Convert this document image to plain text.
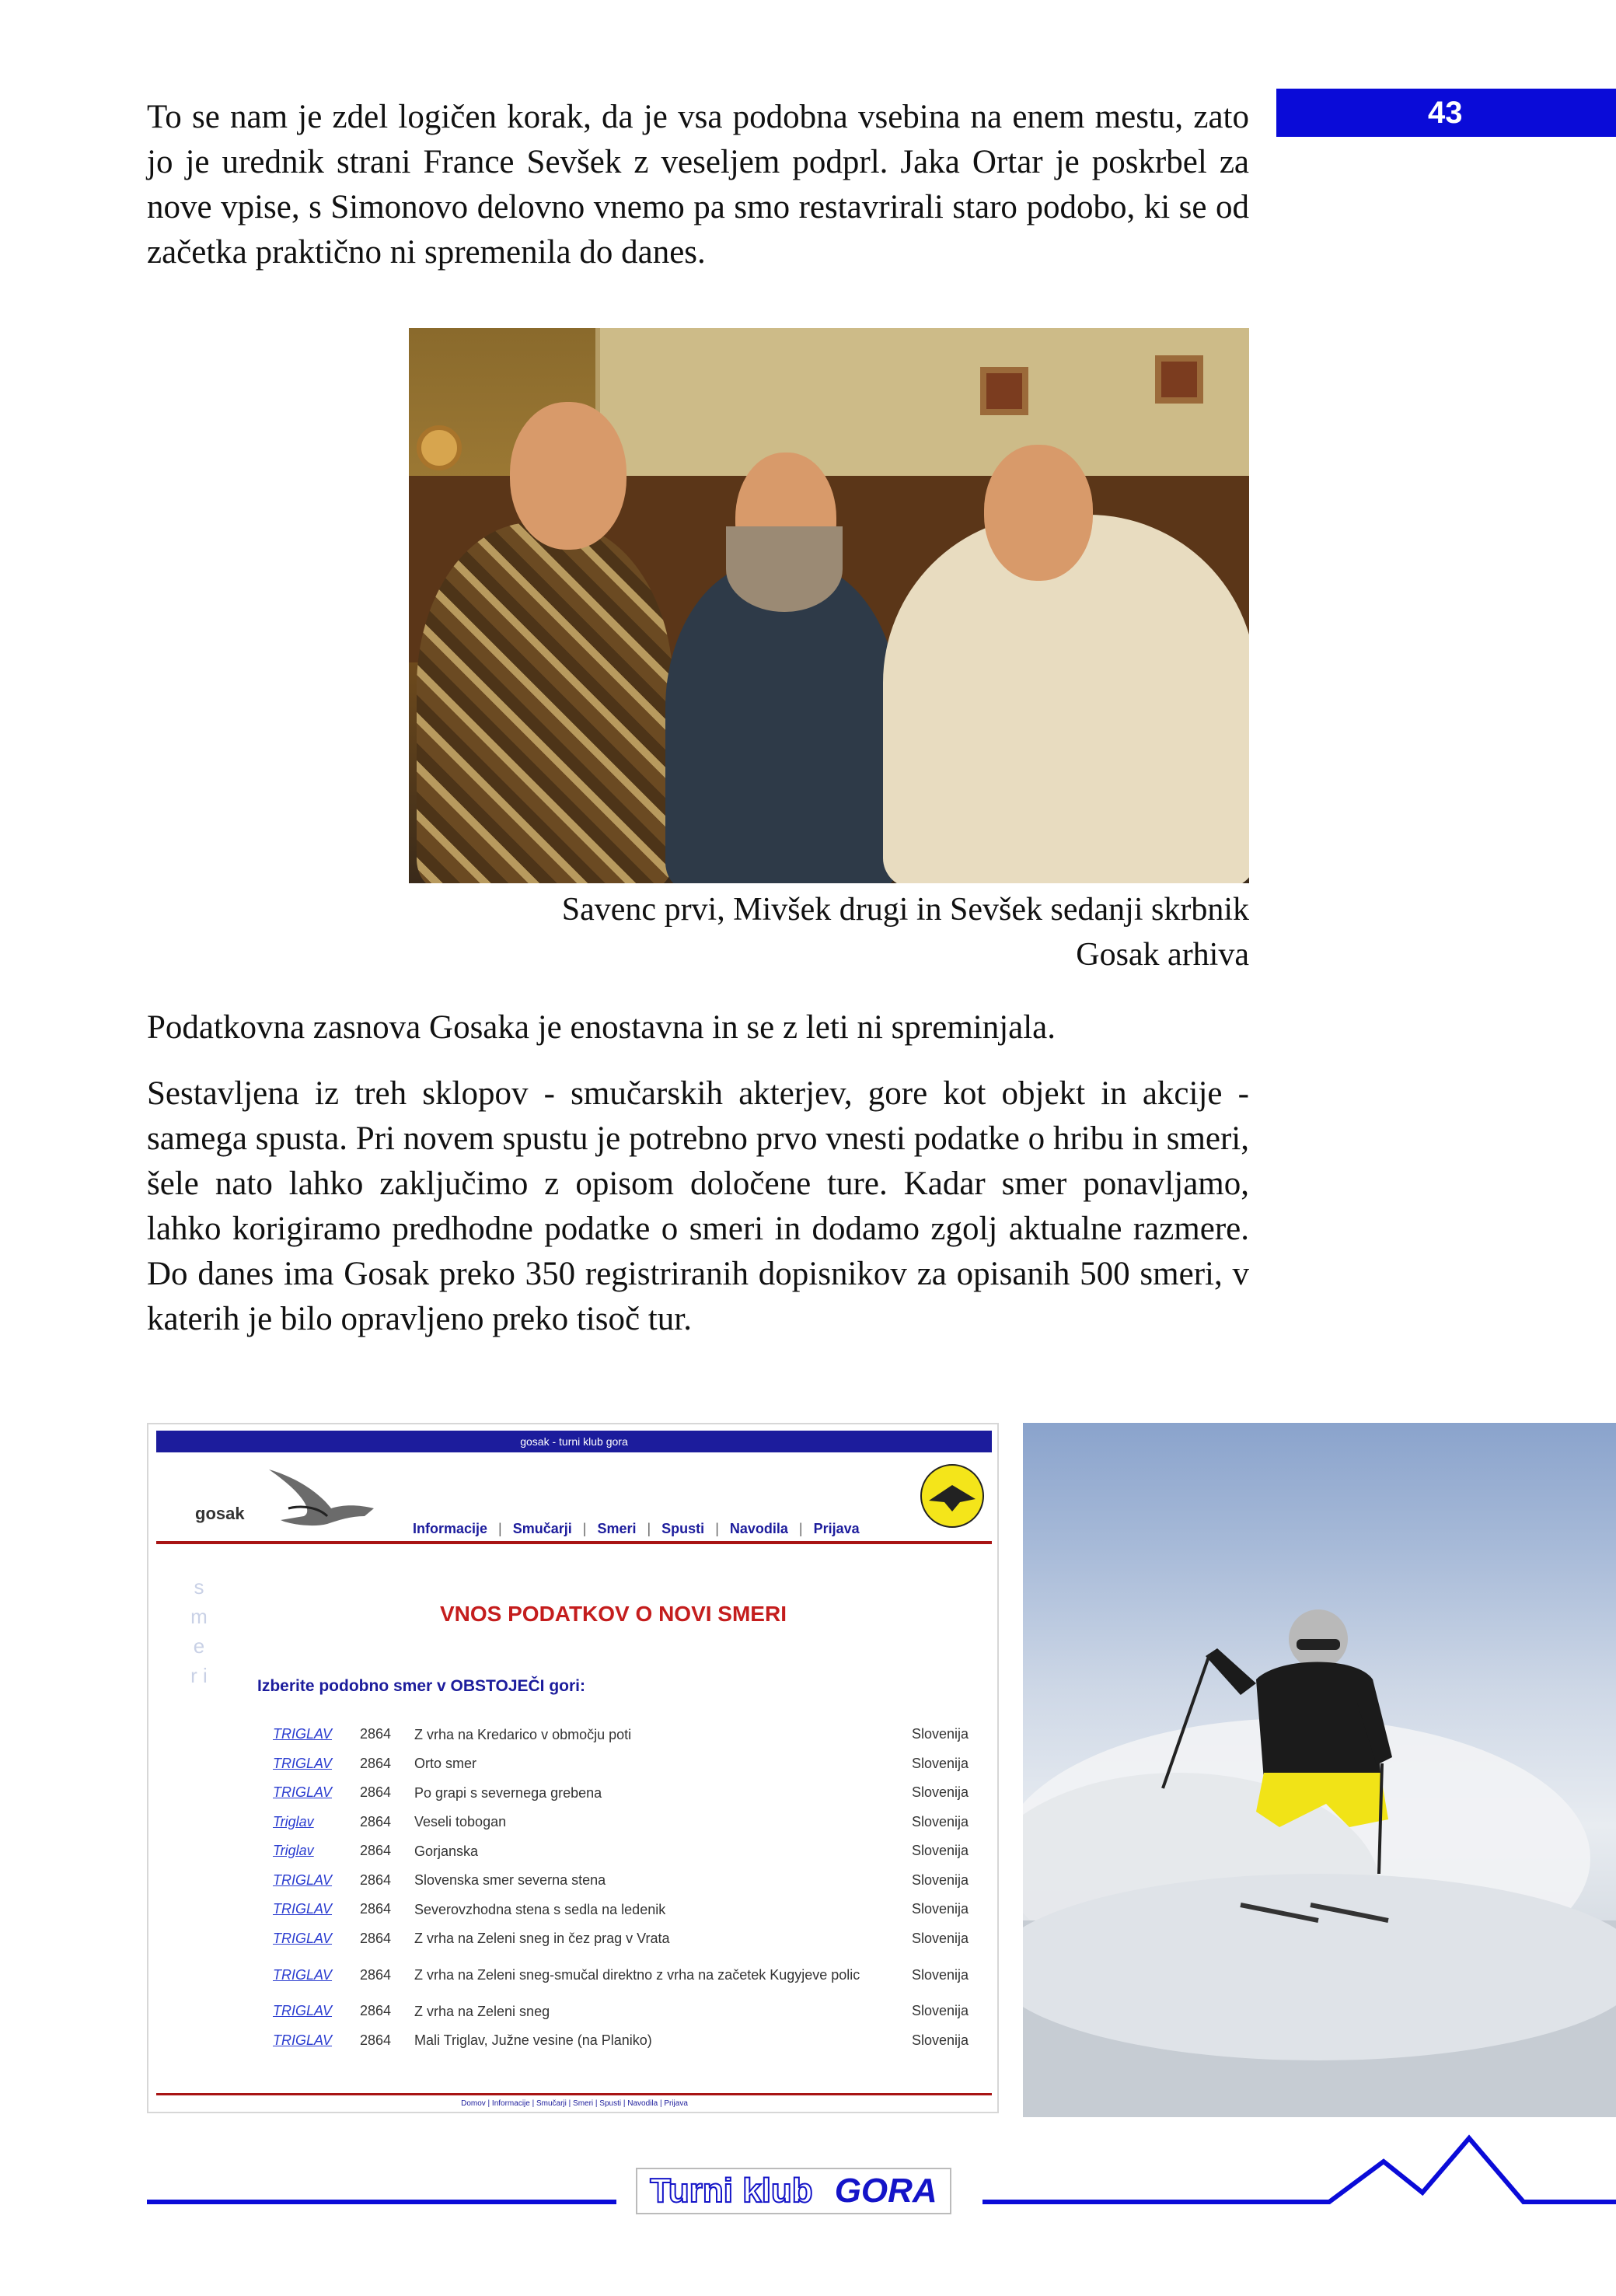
43

To se nam je zdel logičen korak, da je vsa podobna vsebina na enem mestu, zato jo je urednik strani France Sevšek z veseljem podprl. Jaka Ortar je poskrbel za nove vpise, s Simonovo delovno vnemo pa smo restavrirali staro podobo, ki se od začetka praktično ni spremenila do danes.

Savenc prvi, Mivšek drugi in Sevšek sedanji skrbnik
Gosak arhiva

Podatkovna zasnova Gosaka je enostavna in se z leti ni spreminjala.

Sestavljena iz treh sklopov - smučarskih akterjev, gore kot objekt in akcije - samega spusta. Pri novem spustu je potrebno prvo vnesti podatke o hribu in smeri, šele nato lahko zaključimo z opisom določene ture. Kadar smer ponavljamo, lahko korigiramo predhodne podatke o smeri in dodamo zgolj aktualne razmere. Do danes ima Gosak preko 350 registriranih dopisnikov za opisanih 500 smeri, v katerih je bilo opravljeno preko tisoč tur.

gosak - turni klub gora
gosak
Informacije | Smučarji | Smeri | Spusti | Navodila | Prijava
s m e r i
VNOS PODATKOV O NOVI SMERI
Izberite podobno smer v OBSTOJEČI gori:
TRIGLAV	2864	Z vrha na Kredarico v območju poti	Slovenija
TRIGLAV	2864	Orto smer	Slovenija
TRIGLAV	2864	Po grapi s severnega grebena	Slovenija
Triglav	2864	Veseli tobogan	Slovenija
Triglav	2864	Gorjanska	Slovenija
TRIGLAV	2864	Slovenska smer severna stena	Slovenija
TRIGLAV	2864	Severovzhodna stena s sedla na ledenik	Slovenija
TRIGLAV	2864	Z vrha na Zeleni sneg in čez prag v Vrata	Slovenija
TRIGLAV	2864	Z vrha na Zeleni sneg-smučal direktno z vrha na začetek Kugyjeve polic	Slovenija
TRIGLAV	2864	Z vrha na Zeleni sneg	Slovenija
TRIGLAV	2864	Mali Triglav, Južne vesine (na Planiko)	Slovenija
Domov | Informacije | Smučarji | Smeri | Spusti | Navodila | Prijava
Turni klub GORA
